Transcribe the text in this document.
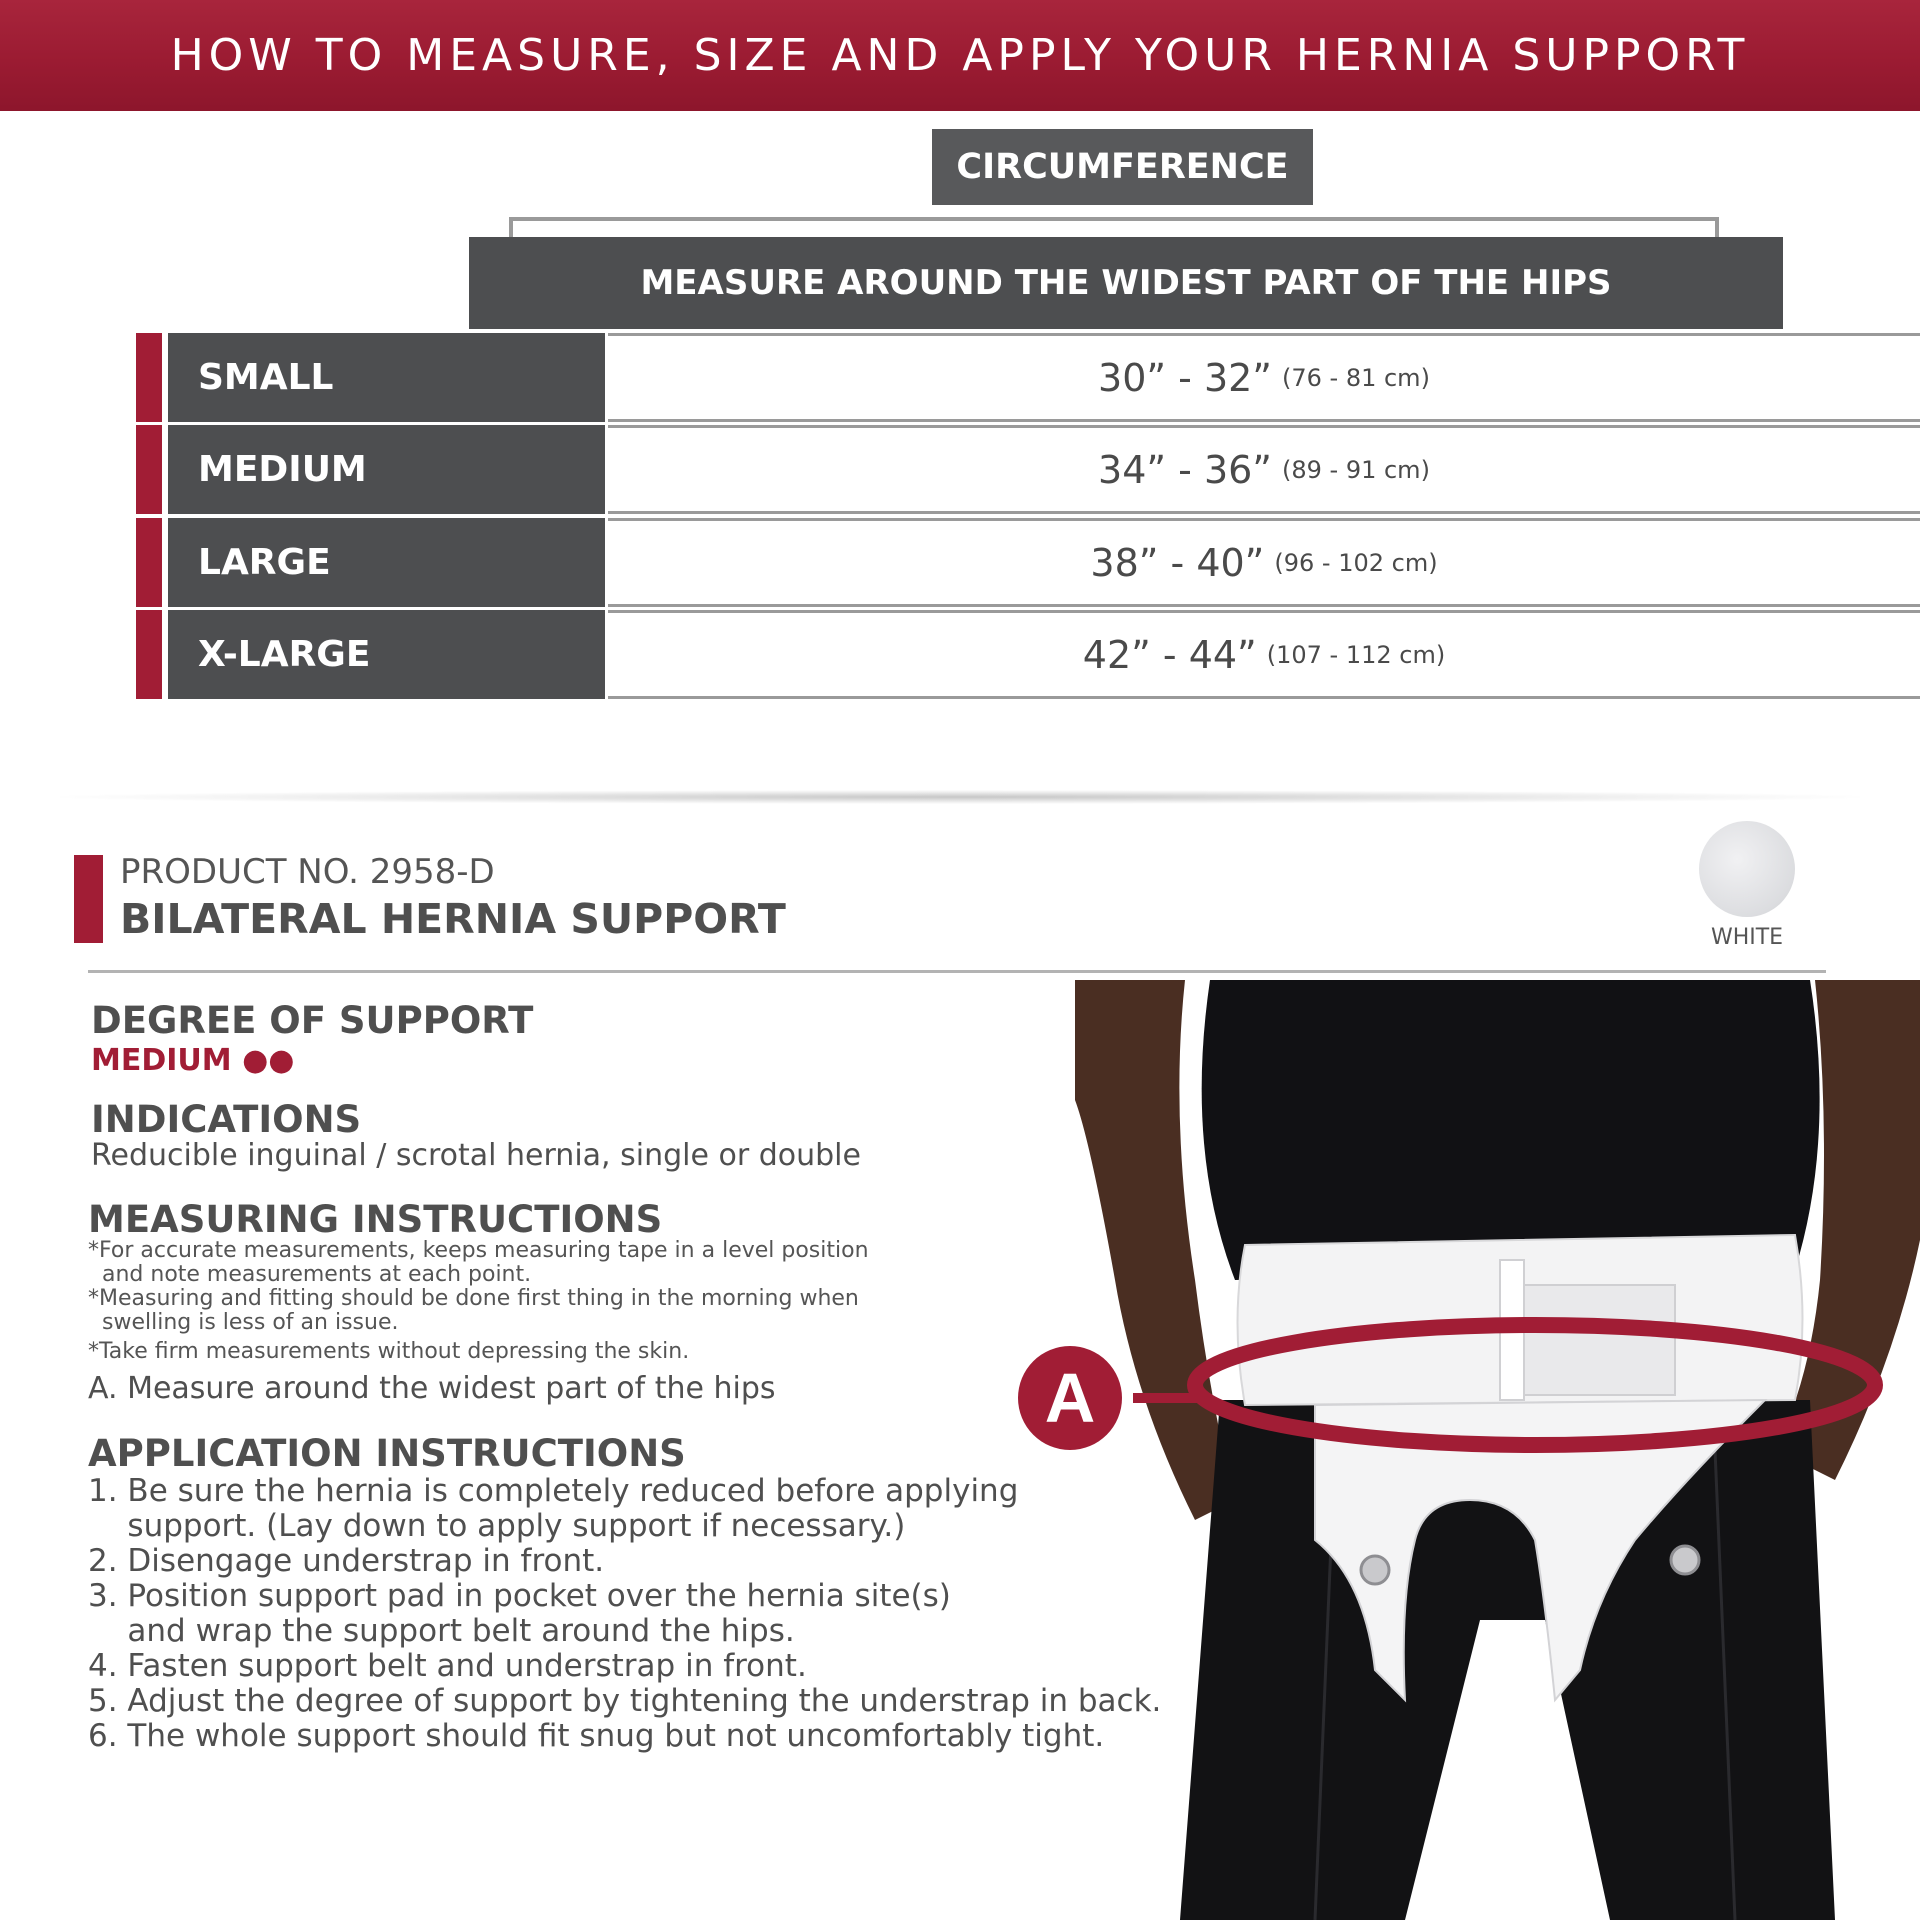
HOW TO MEASURE, SIZE AND APPLY YOUR HERNIA SUPPORT
CIRCUMFERENCE
MEASURE AROUND THE WIDEST PART OF THE HIPS
SMALL	30” - 32” (76 - 81 cm)
MEDIUM	34” - 36” (89 - 91 cm)
LARGE	38” - 40” (96 - 102 cm)
X-LARGE	42” - 44” (107 - 112 cm)
PRODUCT NO. 2958-D
BILATERAL HERNIA SUPPORT	WHITE
DEGREE OF SUPPORT
MEDIUM ●●
INDICATIONS
Reducible inguinal / scrotal hernia, single or double
MEASURING INSTRUCTIONS
*For accurate measurements, keeps measuring tape in a level position
and note measurements at each point.
*Measuring and fitting should be done first thing in the morning when
swelling is less of an issue.
*Take firm measurements without depressing the skin.
A. Measure around the widest part of the hips
APPLICATION INSTRUCTIONS
1. Be sure the hernia is completely reduced before applying
support. (Lay down to apply support if necessary.)
2. Disengage understrap in front.
3. Position support pad in pocket over the hernia site(s)
and wrap the support belt around the hips.
4. Fasten support belt and understrap in front.
5. Adjust the degree of support by tightening the understrap in back.
6. The whole support should fit snug but not uncomfortably tight.
A
